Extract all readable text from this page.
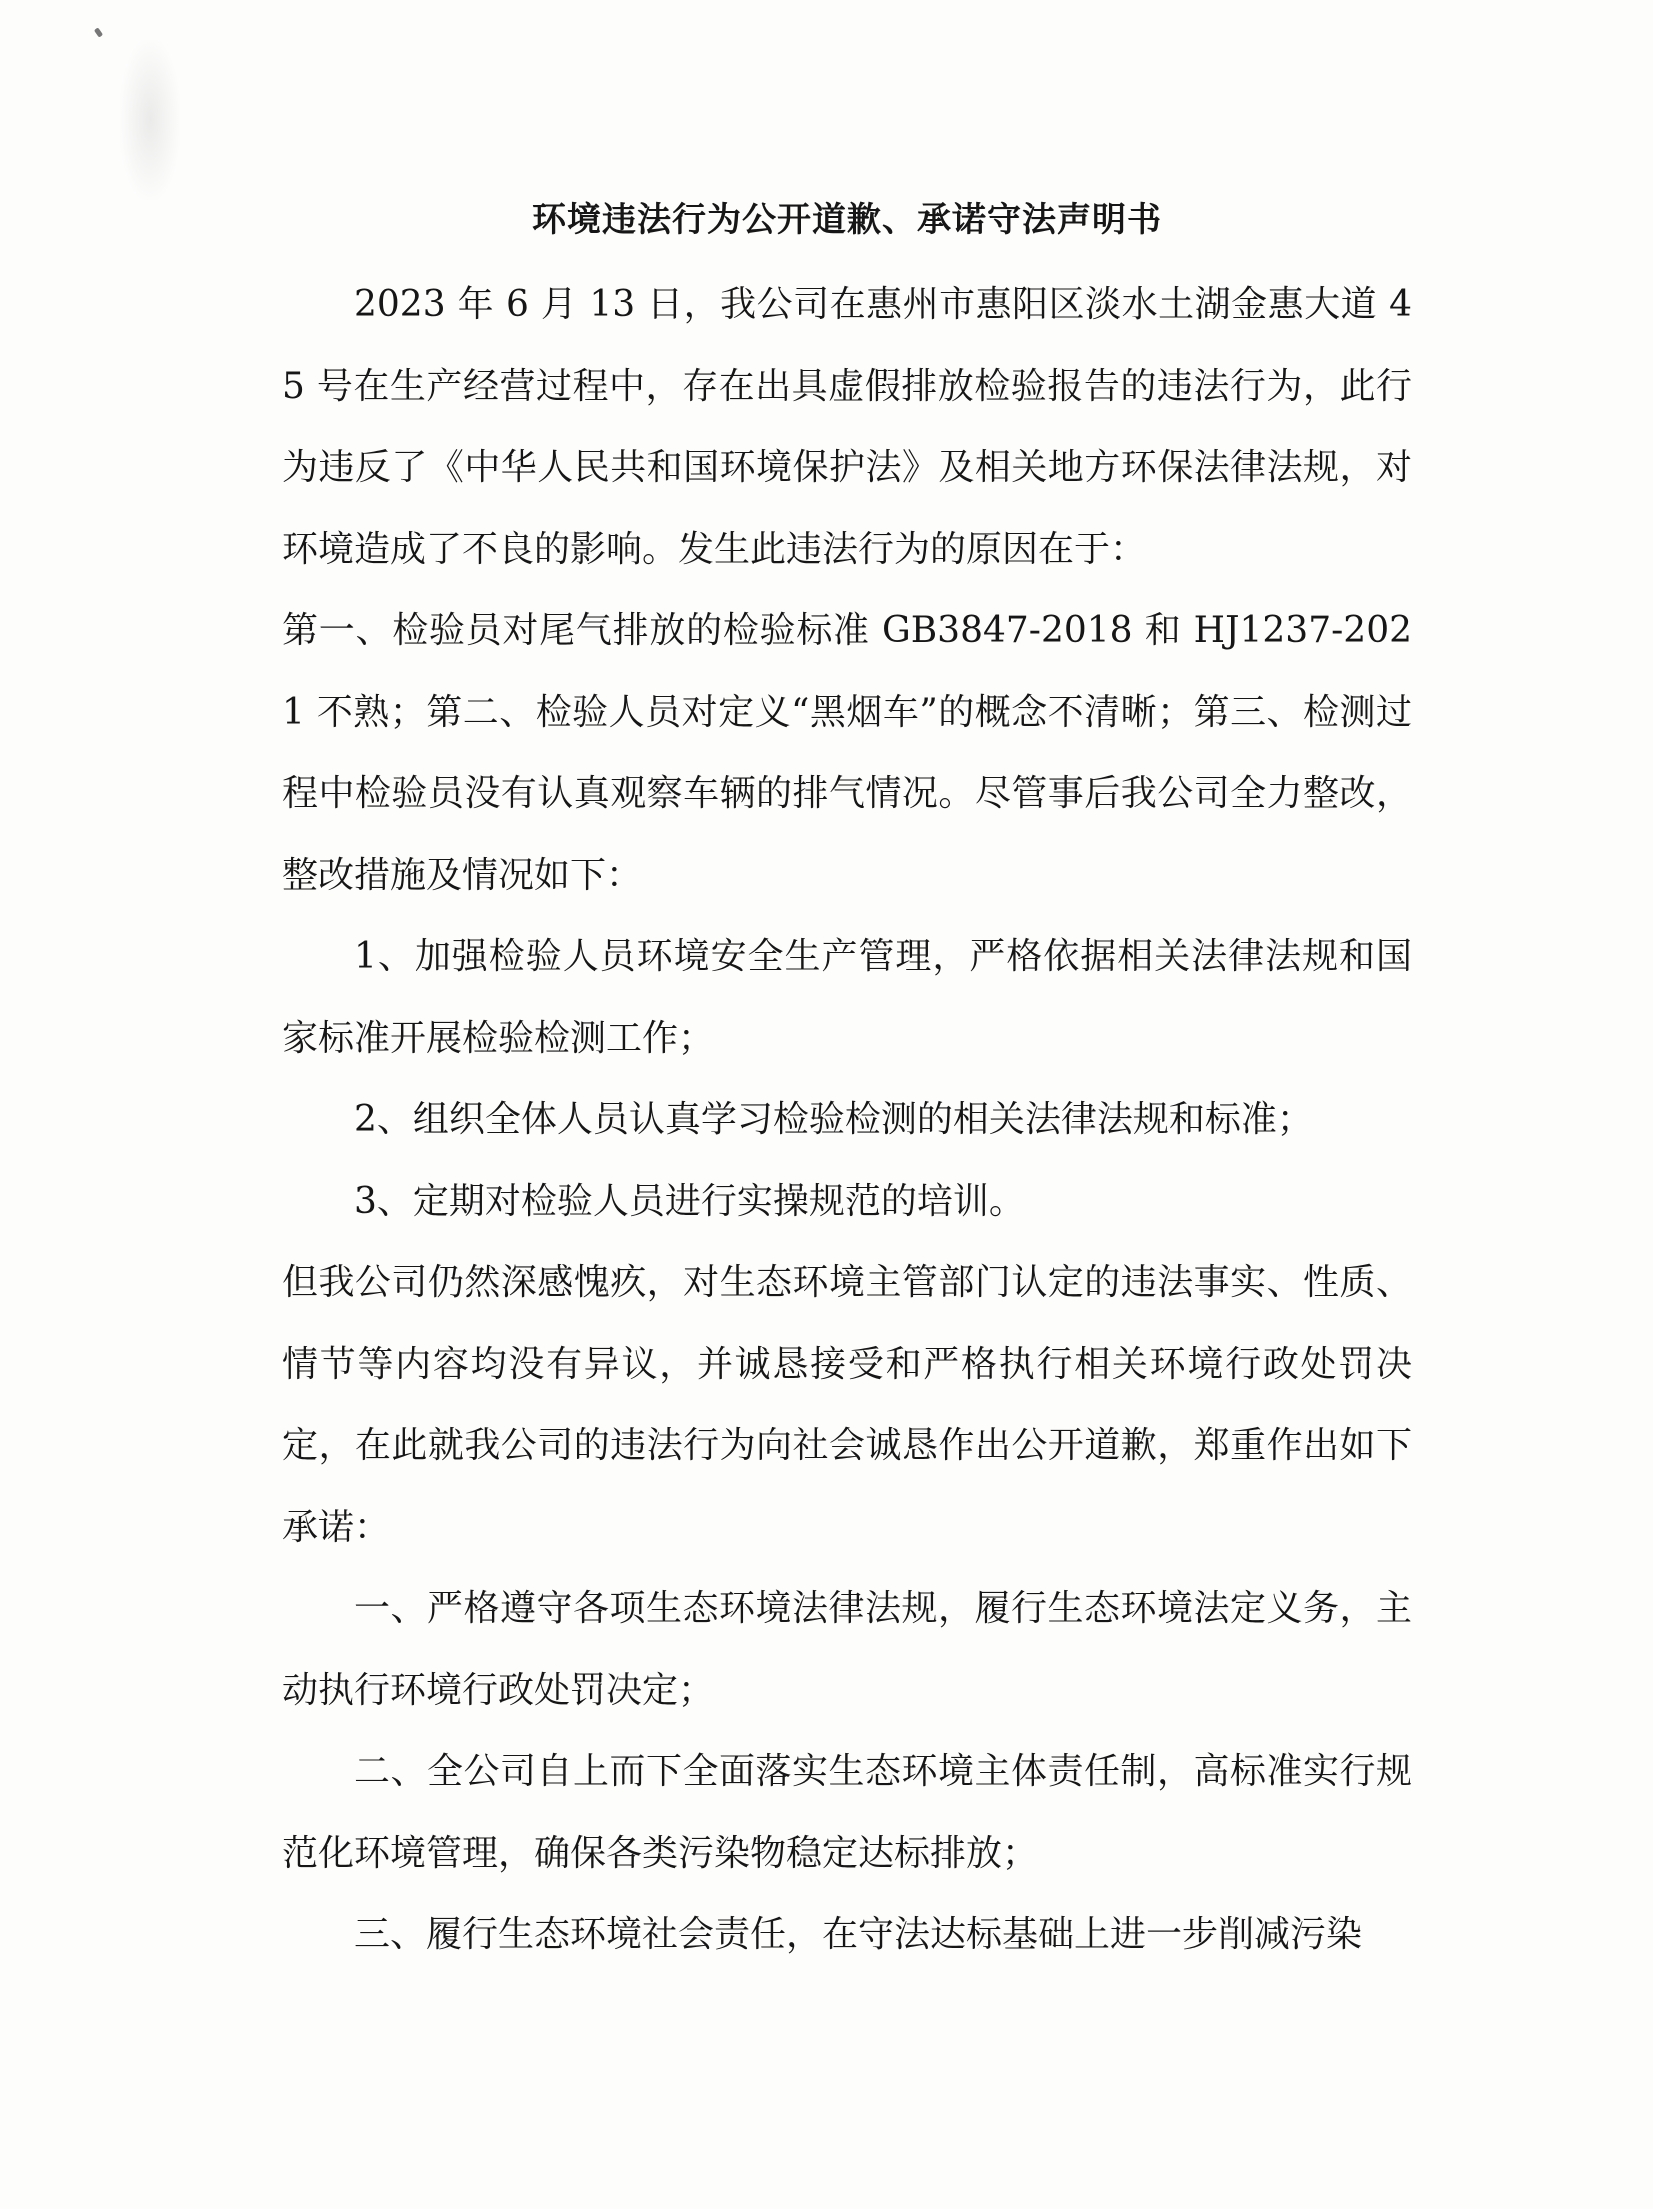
环境违法行为公开道歉、承诺守法声明书

2023 年 6 月 13 日，我公司在惠州市惠阳区淡水土湖金惠大道 45 号在生产经营过程中，存在出具虚假排放检验报告的违法行为，此行为违反了《中华人民共和国环境保护法》及相关地方环保法律法规，对环境造成了不良的影响。发生此违法行为的原因在于：

第一、检验员对尾气排放的检验标准 GB3847-2018 和 HJ1237-2021 不熟；第二、检验人员对定义“黑烟车”的概念不清晰；第三、检测过程中检验员没有认真观察车辆的排气情况。尽管事后我公司全力整改，整改措施及情况如下：

1、加强检验人员环境安全生产管理，严格依据相关法律法规和国家标准开展检验检测工作；

2、组织全体人员认真学习检验检测的相关法律法规和标准；

3、定期对检验人员进行实操规范的培训。

但我公司仍然深感愧疚，对生态环境主管部门认定的违法事实、性质、情节等内容均没有异议，并诚恳接受和严格执行相关环境行政处罚决定，在此就我公司的违法行为向社会诚恳作出公开道歉，郑重作出如下承诺：

一、严格遵守各项生态环境法律法规，履行生态环境法定义务，主动执行环境行政处罚决定；

二、全公司自上而下全面落实生态环境主体责任制，高标准实行规范化环境管理，确保各类污染物稳定达标排放；

三、履行生态环境社会责任，在守法达标基础上进一步削减污染
